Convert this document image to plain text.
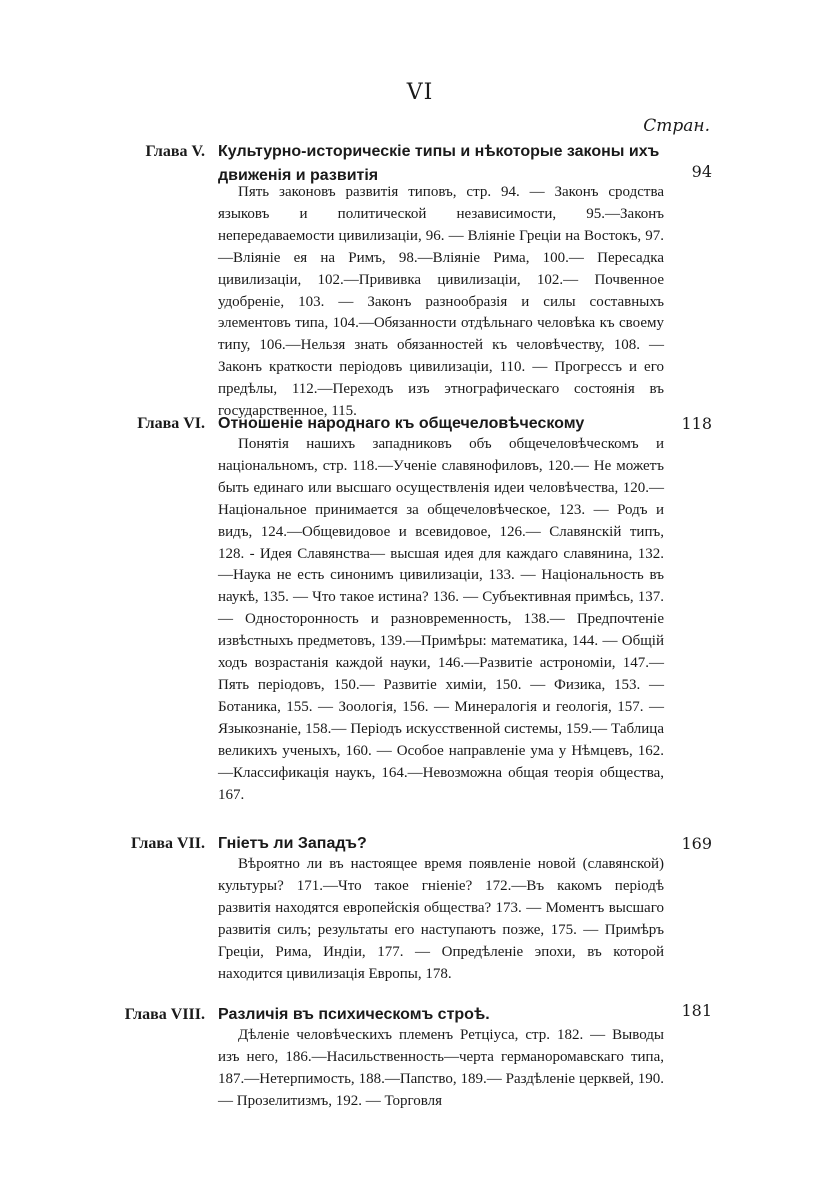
VI
Стран.
Глава V. Культурно-историческіе типы и нѣкоторые законы ихъ движенія и развитія	94
Пять законовъ развитія типовъ, стр. 94. — Законъ сродства языковъ и политической независимости, 95.—Законъ непередаваемости цивилизаціи, 96. — Вліяніе Греціи на Востокъ, 97.—Вліяніе ея на Римъ, 98.—Вліяніе Рима, 100.— Пересадка цивилизаціи, 102.—Прививка цивилизаціи, 102.— Почвенное удобреніе, 103. — Законъ разнообразія и силы составныхъ элементовъ типа, 104.—Обязанности отдѣльнаго человѣка къ своему типу, 106.—Нельзя знать обязанностей къ человѣчеству, 108. — Законъ краткости періодовъ цивилизаціи, 110. — Прогрессъ и его предѣлы, 112.—Переходъ изъ этнографическаго состоянія въ государственное, 115.
Глава VI. Отношеніе народнаго къ общечеловѣческому	118
Понятія нашихъ западниковъ объ общечеловѣческомъ и національномъ, стр. 118.—Ученіе славянофиловъ, 120.— Не можетъ быть единаго или высшаго осуществленія идеи человѣчества, 120.—Національное принимается за общечеловѣческое, 123. — Родъ и видъ, 124.—Общевидовое и всевидовое, 126.— Славянскій типъ, 128. - Идея Славянства— высшая идея для каждаго славянина, 132.—Наука не есть синонимъ цивилизаціи, 133. — Національность въ наукѣ, 135. — Что такое истина? 136. — Субъективная примѣсь, 137. — Односторонность и разновременность, 138.— Предпочтеніе извѣстныхъ предметовъ, 139.—Примѣры: математика, 144. — Общій ходъ возрастанія каждой науки, 146.—Развитіе астрономіи, 147.—Пять періодовъ, 150.— Развитіе химіи, 150. — Физика, 153. — Ботаника, 155. — Зоологія, 156. — Минералогія и геологія, 157. — Языкознаніе, 158.— Періодъ искусственной системы, 159.— Таблица великихъ ученыхъ, 160. — Особое направленіе ума у Нѣмцевъ, 162.—Классификація наукъ, 164.—Невозможна общая теорія общества, 167.
Глава VII. Гніетъ ли Западъ?	169
Вѣроятно ли въ настоящее время появленіе новой (славянской) культуры? 171.—Что такое гніеніе? 172.—Въ какомъ періодѣ развитія находятся европейскія общества? 173. — Моментъ высшаго развитія силъ; результаты его наступаютъ позже, 175. — Примѣръ Греціи, Рима, Индіи, 177. — Опредѣленіе эпохи, въ которой находится цивилизація Европы, 178.
Глава VIII. Различія въ психическомъ строѣ.	181
Дѣленіе человѣческихъ племенъ Ретціуса, стр. 182. — Выводы изъ него, 186.—Насильственность—черта германоромавскаго типа, 187.—Нетерпимость, 188.—Папство, 189.— Раздѣленіе церквей, 190. — Прозелитизмъ, 192. — Торговля
